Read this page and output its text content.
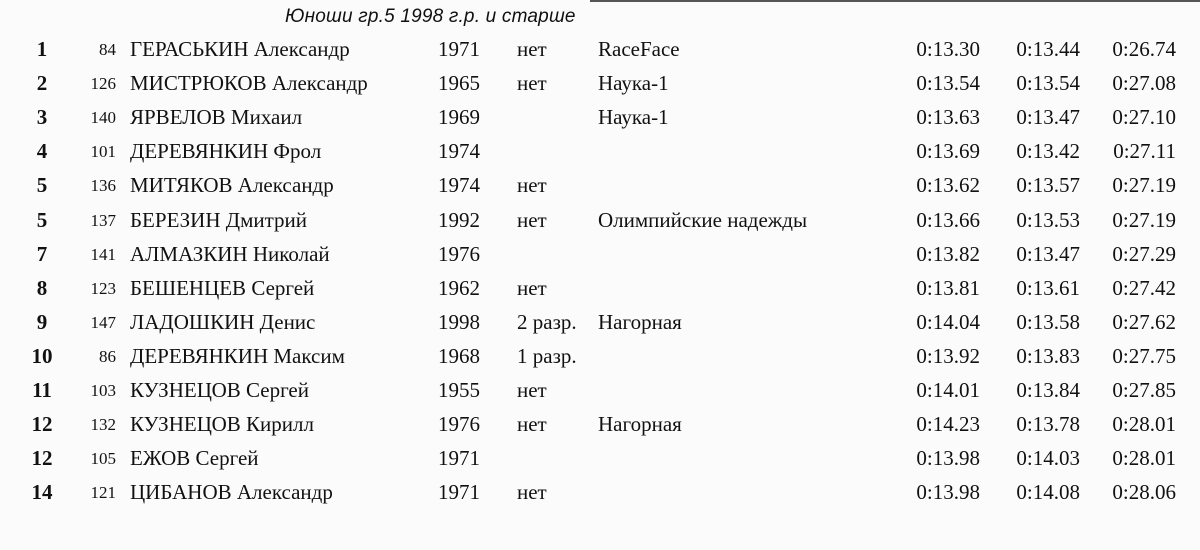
Юноши гр.5 1998 г.р. и старше
1	84 ГЕРАСЬКИН Александр	1971 нет RaceFace	0:13.30	0:13.44	0:26.74
2	126 МИСТРЮКОВ Александр	1965 нет Наука-1	0:13.54	0:13.54	0:27.08
3	140 ЯРВЕЛОВ Михаил	1969	Наука-1	0:13.63	0:13.47	0:27.10
4	101 ДЕРЕВЯНКИН Фрол	1974	0:13.69	0:13.42	0:27.11
5	136 МИТЯКОВ Александр	1974 нет	0:13.62	0:13.57	0:27.19
5	137 БЕРЕЗИН Дмитрий	1992 нет Олимпийские надежды	0:13.66	0:13.53	0:27.19
7	141 АЛМАЗКИН Николай	1976	0:13.82	0:13.47	0:27.29
8	123 БЕШЕНЦЕВ Сергей	1962 нет	0:13.81	0:13.61	0:27.42
9	147 ЛАДОШКИН Денис	1998 2 разр. Нагорная	0:14.04	0:13.58	0:27.62
10	86 ДЕРЕВЯНКИН Максим	1968 1 разр.	0:13.92	0:13.83	0:27.75
11	103 КУЗНЕЦОВ Сергей	1955 нет	0:14.01	0:13.84	0:27.85
12	132 КУЗНЕЦОВ Кирилл	1976 нет Нагорная	0:14.23	0:13.78	0:28.01
12	105 ЕЖОВ Сергей	1971	0:13.98	0:14.03	0:28.01
14	121 ЦИБАНОВ Александр	1971 нет	0:13.98	0:14.08	0:28.06
